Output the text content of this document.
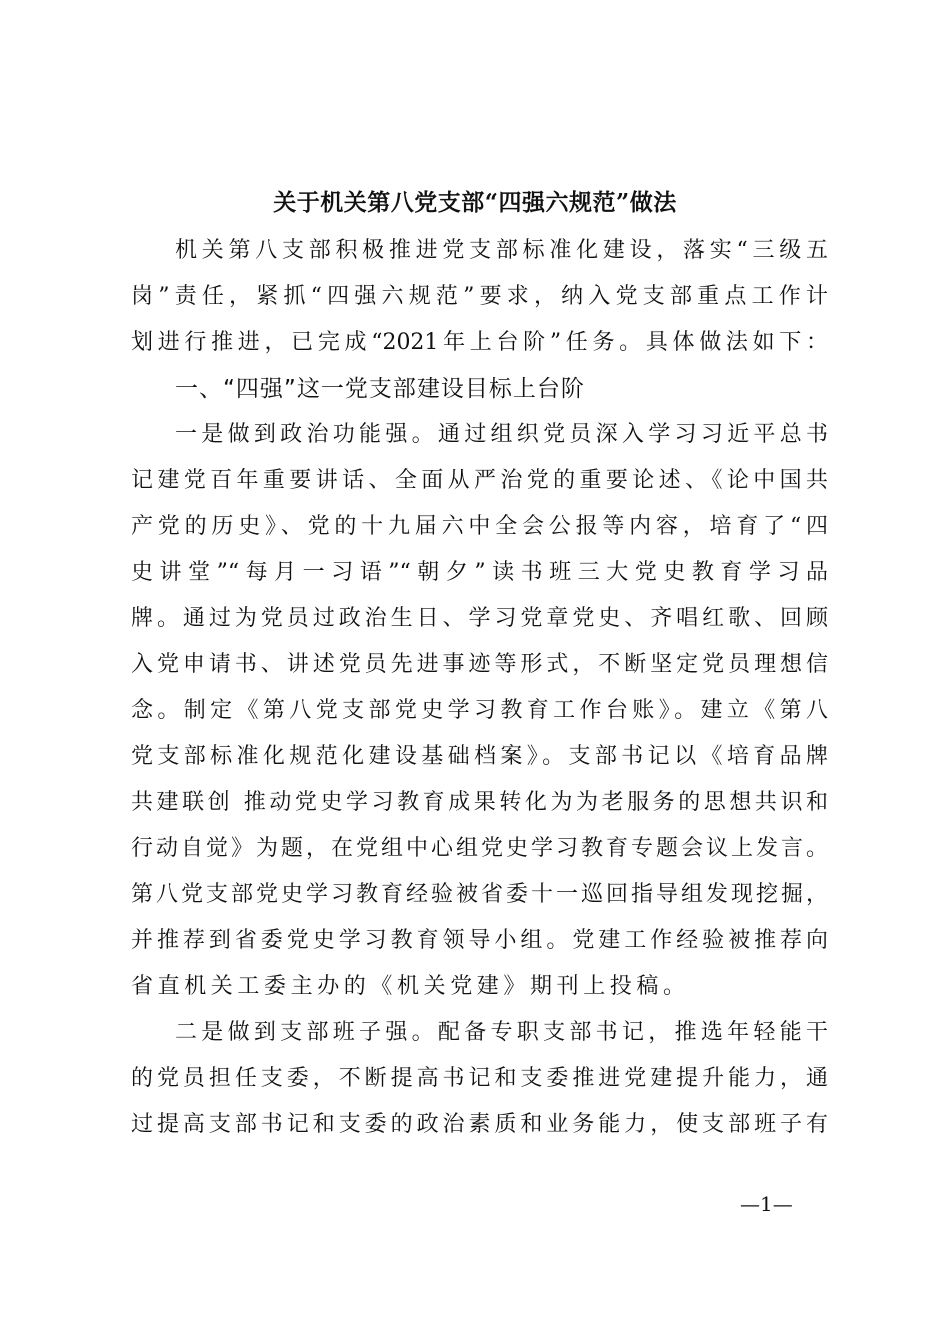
关于机关第八党支部“四强六规范”做法
机关第八支部积极推进党支部标准化建设，落实“三级五
岗”责任，紧抓“四强六规范”要求，纳入党支部重点工作计
划进行推进，已完成“2021年上台阶”任务。具体做法如下：
一、“四强”这一党支部建设目标上台阶
一是做到政治功能强。通过组织党员深入学习习近平总书
记建党百年重要讲话、全面从严治党的重要论述、《论中国共
产党的历史》、党的十九届六中全会公报等内容，培育了“四
史讲堂”“每月一习语”“朝夕”读书班三大党史教育学习品
牌。通过为党员过政治生日、学习党章党史、齐唱红歌、回顾
入党申请书、讲述党员先进事迹等形式，不断坚定党员理想信
念。制定《第八党支部党史学习教育工作台账》。建立《第八
党支部标准化规范化建设基础档案》。支部书记以《培育品牌
共建联创 推动党史学习教育成果转化为为老服务的思想共识和
行动自觉》为题，在党组中心组党史学习教育专题会议上发言。
第八党支部党史学习教育经验被省委十一巡回指导组发现挖掘，
并推荐到省委党史学习教育领导小组。党建工作经验被推荐向
省直机关工委主办的《机关党建》期刊上投稿。
二是做到支部班子强。配备专职支部书记，推选年轻能干
的党员担任支委，不断提高书记和支委推进党建提升能力，通
过提高支部书记和支委的政治素质和业务能力，使支部班子有
—1—
